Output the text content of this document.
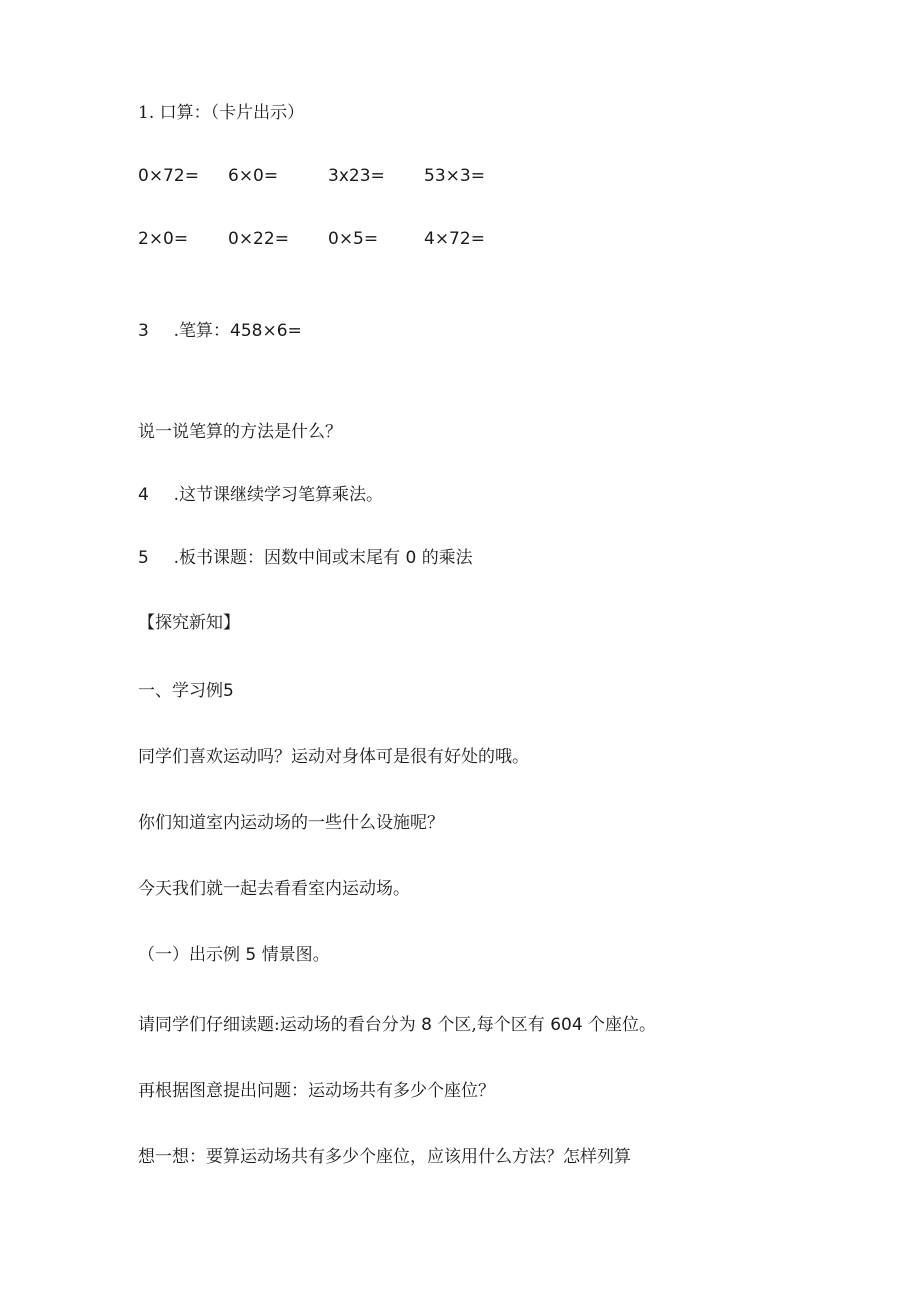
1. 口算：（卡片出示）

0×72= 6×0=	3x23= 53×3=
2×0= 0×22= 0×5=	4×72=

3 .笔算：458×6=

说一说笔算的方法是什么？

4 .这节课继续学习笔算乘法。

5 .板书课题：因数中间或末尾有 0 的乘法

【探究新知】

一、学习例5

同学们喜欢运动吗？运动对身体可是很有好处的哦。

你们知道室内运动场的一些什么设施呢？

今天我们就一起去看看室内运动场。

（一）出示例 5 情景图。

请同学们仔细读题:运动场的看台分为 8 个区,每个区有 604 个座位。

再根据图意提出问题：运动场共有多少个座位？

想一想：要算运动场共有多少个座位，应该用什么方法？怎样列算
